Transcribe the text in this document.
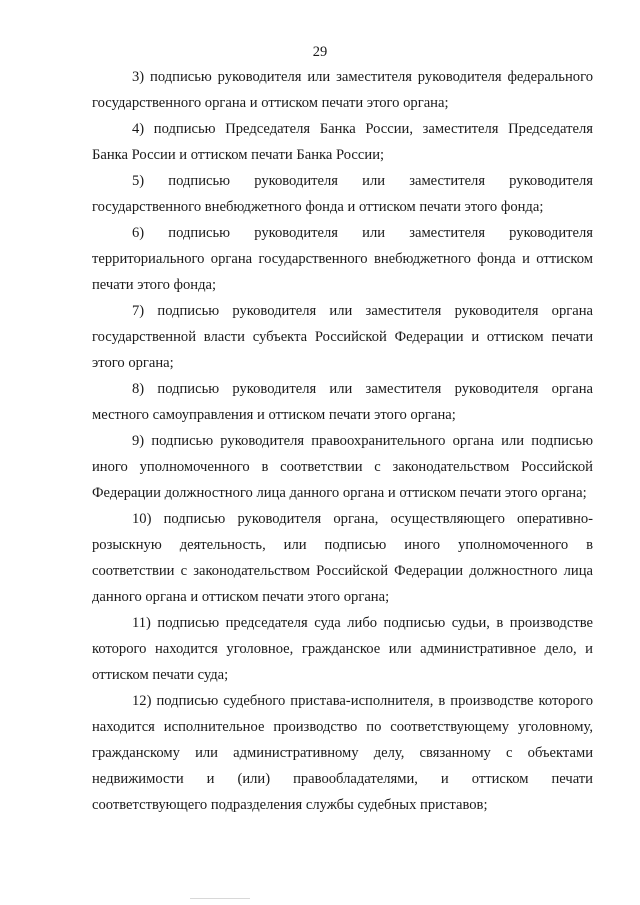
29

3) подписью руководителя или заместителя руководителя федерального государственного органа и оттиском печати этого органа;

4) подписью Председателя Банка России, заместителя Председателя Банка России и оттиском печати Банка России;

5) подписью руководителя или заместителя руководителя государственного внебюджетного фонда и оттиском печати этого фонда;

6) подписью руководителя или заместителя руководителя территориального органа государственного внебюджетного фонда и оттиском печати этого фонда;

7) подписью руководителя или заместителя руководителя органа государственной власти субъекта Российской Федерации и оттиском печати этого органа;

8) подписью руководителя или заместителя руководителя органа местного самоуправления и оттиском печати этого органа;

9) подписью руководителя правоохранительного органа или подписью иного уполномоченного в соответствии с законодательством Российской Федерации должностного лица данного органа и оттиском печати этого органа;

10) подписью руководителя органа, осуществляющего оперативно-розыскную деятельность, или подписью иного уполномоченного в соответствии с законодательством Российской Федерации должностного лица данного органа и оттиском печати этого органа;

11) подписью председателя суда либо подписью судьи, в производстве которого находится уголовное, гражданское или административное дело, и оттиском печати суда;

12) подписью судебного пристава-исполнителя, в производстве которого находится исполнительное производство по соответствующему уголовному, гражданскому или административному делу, связанному с объектами недвижимости и (или) правообладателями, и оттиском печати соответствующего подразделения службы судебных приставов;
